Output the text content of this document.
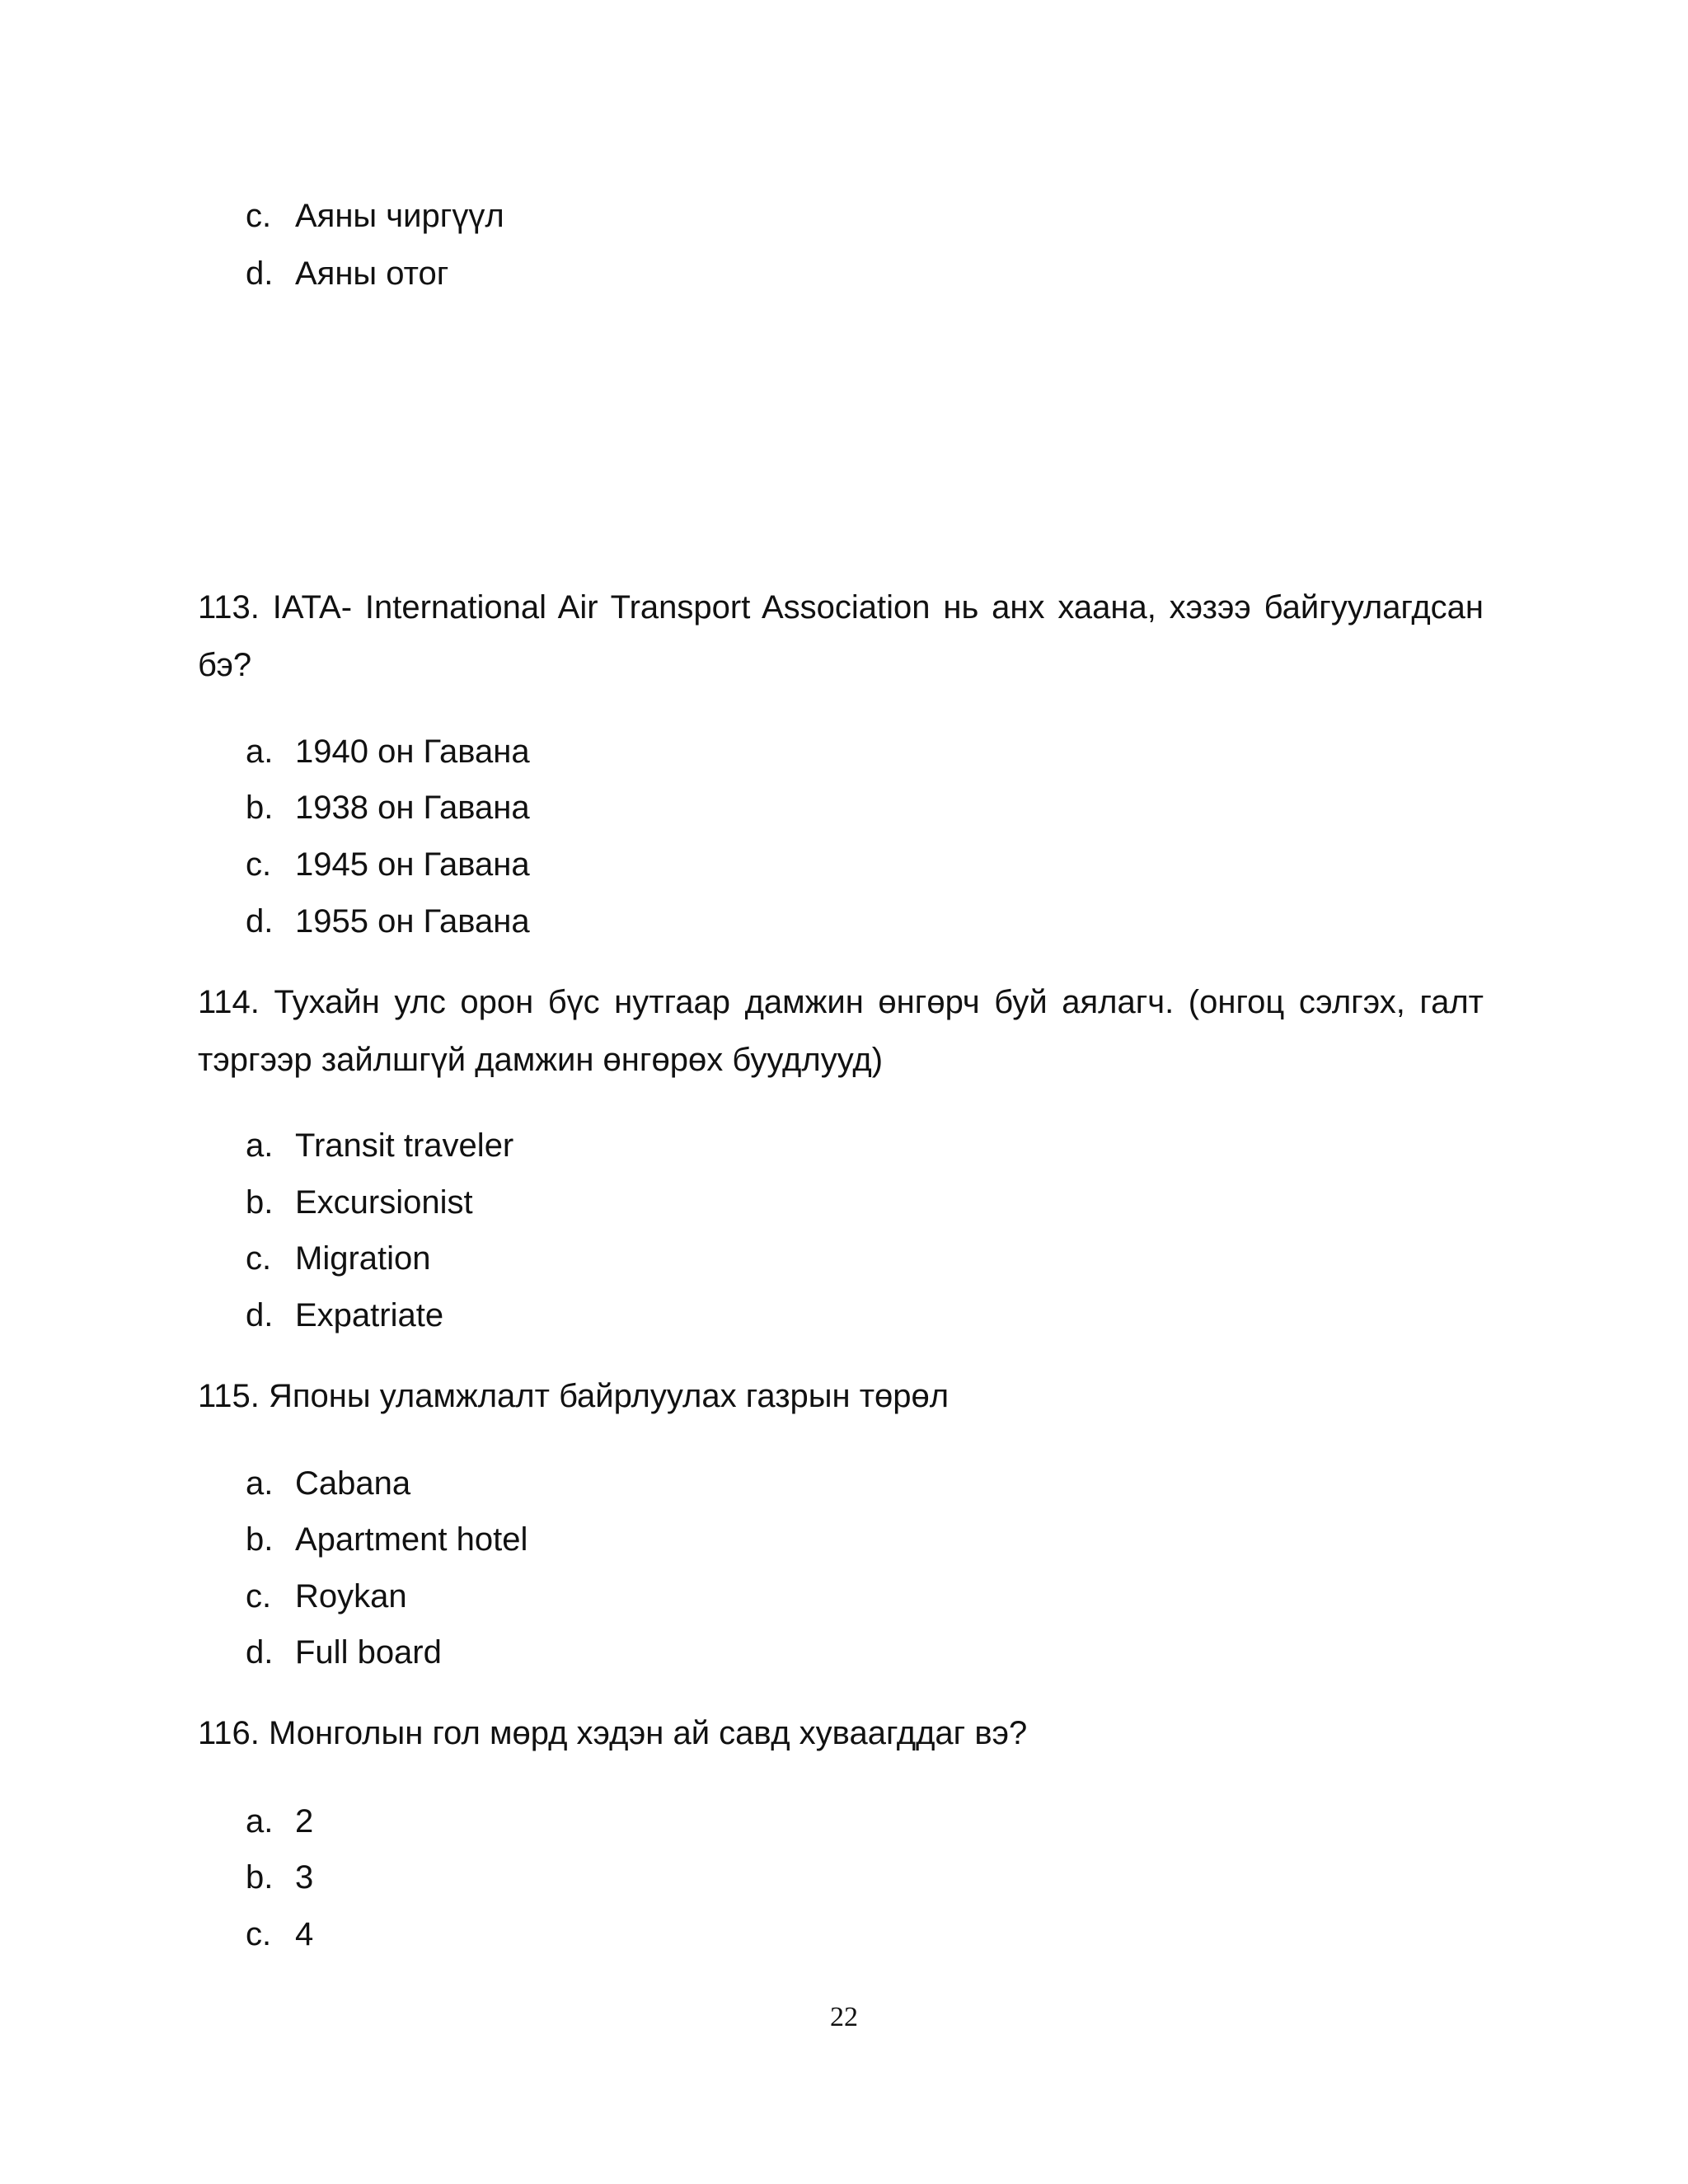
c. Аяны чиргүүл
d. Аяны отог
113. IATA- International Air Transport Association нь анх хаана, хэзээ байгуулагдсан бэ?
a. 1940 он Гавана
b. 1938 он Гавана
c. 1945 он Гавана
d. 1955 он Гавана
114. Тухайн улс орон бүс нутгаар дамжин өнгөрч буй аялагч. (онгоц сэлгэх, галт тэргээр зайлшгүй дамжин өнгөрөх буудлууд)
a. Transit traveler
b. Excursionist
c. Migration
d. Expatriate
115. Японы уламжлалт байрлуулах газрын төрөл
a. Cabana
b. Apartment hotel
c. Roykan
d. Full board
116. Монголын гол мөрд хэдэн ай савд хуваагддаг вэ?
a. 2
b. 3
c. 4
22
